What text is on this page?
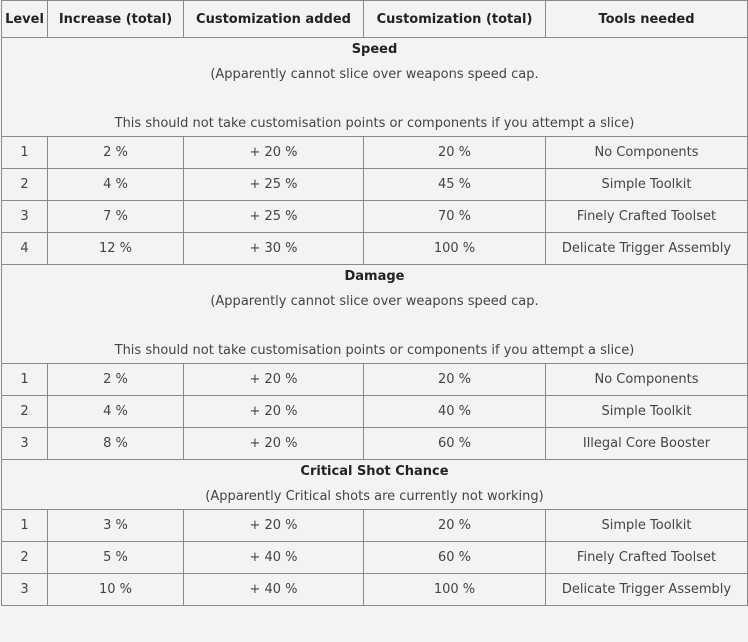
Level	Increase (total)	Customization added	Customization (total)	Tools needed

Speed
(Apparently cannot slice over weapons speed cap.
This should not take customisation points or components if you attempt a slice)				

1	2 %	+ 20 %	20 %	No Components
2	4 %	+ 25 %	45 %	Simple Toolkit
3	7 %	+ 25 %	70 %	Finely Crafted Toolset
4	12 %	+ 30 %	100 %	Delicate Trigger Assembly

Damage
(Apparently cannot slice over weapons speed cap.
This should not take customisation points or components if you attempt a slice)				

1	2 %	+ 20 %	20 %	No Components
2	4 %	+ 20 %	40 %	Simple Toolkit
3	8 %	+ 20 %	60 %	Illegal Core Booster

Critical Shot Chance
(Apparently Critical shots are currently not working)				

1	3 %	+ 20 %	20 %	Simple Toolkit
2	5 %	+ 40 %	60 %	Finely Crafted Toolset
3	10 %	+ 40 %	100 %	Delicate Trigger Assembly
